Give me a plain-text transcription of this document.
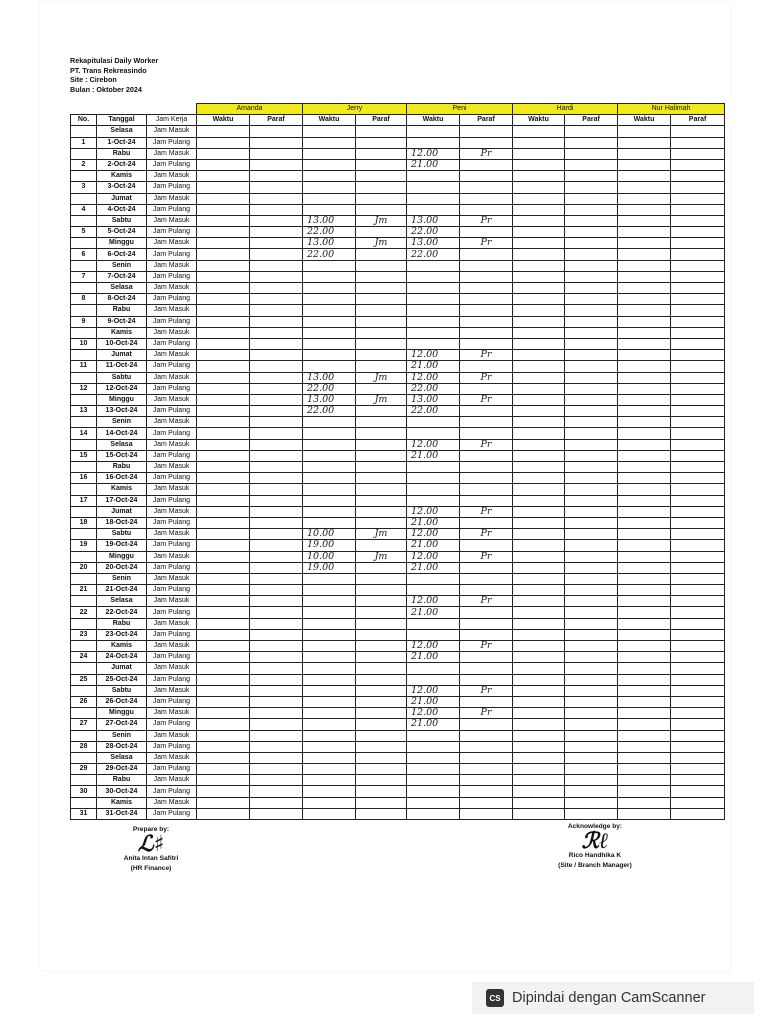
Rekapitulasi Daily Worker
PT. Trans Rekreasindo
Site : Cirebon
Bulan : Oktober 2024
			Amanda		Jerry		Peni		Hardi		Nur Halimah	
No.	Tanggal	Jam Kerja	Waktu	Paraf	Waktu	Paraf	Waktu	Paraf	Waktu	Paraf	Waktu	Paraf
	Selasa	Jam Masuk										
1	1-Oct-24	Jam Pulang										
	Rabu	Jam Masuk					12.00	Pr				
2	2-Oct-24	Jam Pulang					21.00					
	Kamis	Jam Masuk										
3	3-Oct-24	Jam Pulang										
	Jumat	Jam Masuk										
4	4-Oct-24	Jam Pulang										
	Sabtu	Jam Masuk			13.00	Jm	13.00	Pr				
5	5-Oct-24	Jam Pulang			22.00		22.00					
	Minggu	Jam Masuk			13.00	Jm	13.00	Pr				
6	6-Oct-24	Jam Pulang			22.00		22.00					
	Senin	Jam Masuk										
7	7-Oct-24	Jam Pulang										
	Selasa	Jam Masuk										
8	8-Oct-24	Jam Pulang										
	Rabu	Jam Masuk										
9	9-Oct-24	Jam Pulang										
	Kamis	Jam Masuk										
10	10-Oct-24	Jam Pulang										
	Jumat	Jam Masuk					12.00	Pr				
11	11-Oct-24	Jam Pulang					21.00					
	Sabtu	Jam Masuk			13.00	Jm	12.00	Pr				
12	12-Oct-24	Jam Pulang			22.00		22.00					
	Minggu	Jam Masuk			13.00	Jm	13.00	Pr				
13	13-Oct-24	Jam Pulang			22.00		22.00					
	Senin	Jam Masuk										
14	14-Oct-24	Jam Pulang										
	Selasa	Jam Masuk					12.00	Pr				
15	15-Oct-24	Jam Pulang					21.00					
	Rabu	Jam Masuk										
16	16-Oct-24	Jam Pulang										
	Kamis	Jam Masuk										
17	17-Oct-24	Jam Pulang										
	Jumat	Jam Masuk					12.00	Pr				
18	18-Oct-24	Jam Pulang					21.00					
	Sabtu	Jam Masuk			10.00	Jm	12.00	Pr				
19	19-Oct-24	Jam Pulang			19.00		21.00					
	Minggu	Jam Masuk			10.00	Jm	12.00	Pr				
20	20-Oct-24	Jam Pulang			19.00		21.00					
	Senin	Jam Masuk										
21	21-Oct-24	Jam Pulang										
	Selasa	Jam Masuk					12.00	Pr				
22	22-Oct-24	Jam Pulang					21.00					
	Rabu	Jam Masuk										
23	23-Oct-24	Jam Pulang										
	Kamis	Jam Masuk					12.00	Pr				
24	24-Oct-24	Jam Pulang					21.00					
	Jumat	Jam Masuk										
25	25-Oct-24	Jam Pulang										
	Sabtu	Jam Masuk					12.00	Pr				
26	26-Oct-24	Jam Pulang					21.00					
	Minggu	Jam Masuk					12.00	Pr				
27	27-Oct-24	Jam Pulang					21.00					
	Senin	Jam Masuk										
28	28-Oct-24	Jam Pulang										
	Selasa	Jam Masuk										
29	29-Oct-24	Jam Pulang										
	Rabu	Jam Masuk										
30	30-Oct-24	Jam Pulang										
	Kamis	Jam Masuk										
31	31-Oct-24	Jam Pulang										
Prepare by:
ℒ♯
Anita Intan Safitri
(HR Finance)
Acknowledge by:
ℛℓ
Rico Handhika K
(Site / Branch Manager)
CS Dipindai dengan CamScanner
